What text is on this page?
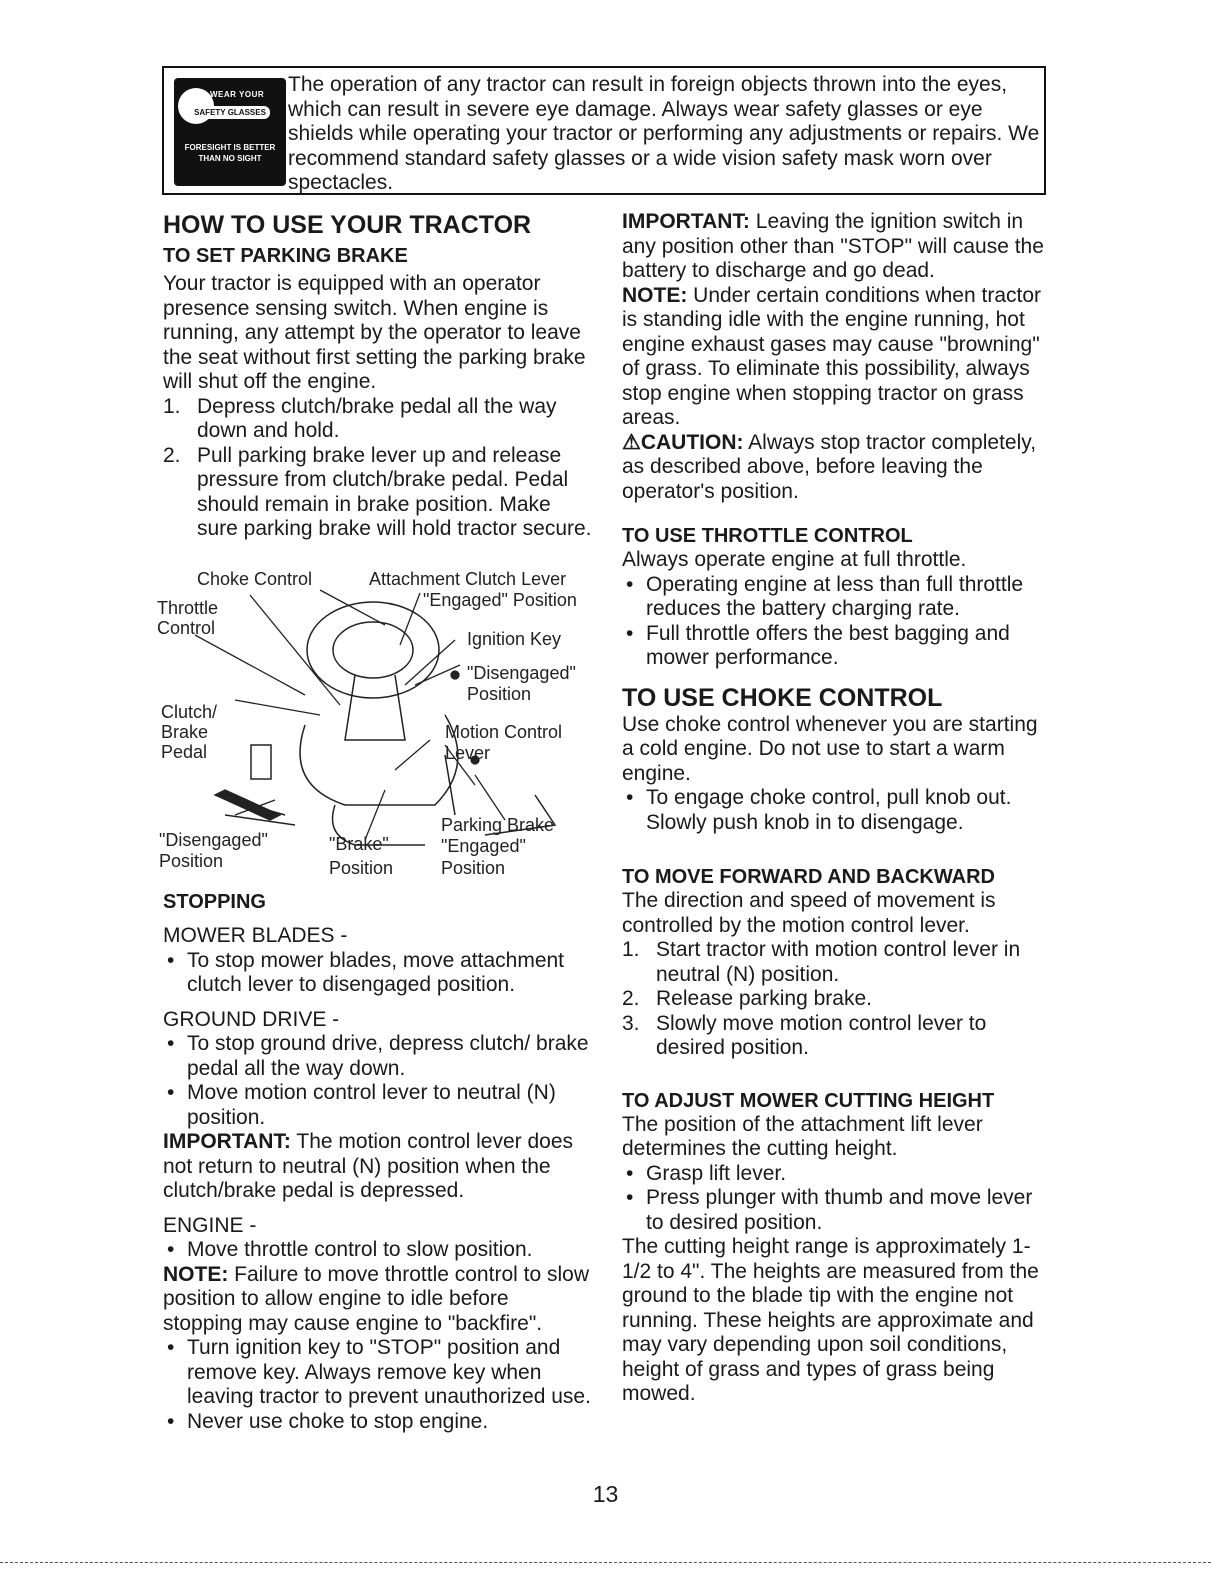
WEAR YOUR
SAFETY GLASSES
FORESIGHT IS BETTER
THAN NO SIGHT
The operation of any tractor can result in foreign objects thrown into the eyes, which can result in severe eye damage. Always wear safety glasses or eye shields while operating your tractor or performing any adjustments or repairs. We recommend standard safety glasses or a wide vision safety mask worn over spectacles.
HOW TO USE YOUR TRACTOR
TO SET PARKING BRAKE

Your tractor is equipped with an operator presence sensing switch. When engine is running, any attempt by the operator to leave the seat without first setting the parking brake will shut off the engine.

1. Depress clutch/brake pedal all the way down and hold.
2. Pull parking brake lever up and release pressure from clutch/brake pedal. Pedal should remain in brake position. Make sure parking brake will hold tractor secure.
Choke Control	Attachment Clutch Lever
"Engaged" Position
Throttle
Control
Ignition Key
"Disengaged"
Position
Clutch/
Brake
Pedal
Motion Control
Lever
Parking Brake
"Disengaged"
Position
"Brake"
Position
"Engaged"
Position
STOPPING

MOWER BLADES -

• To stop mower blades, move attachment clutch lever to disengaged position.

GROUND DRIVE -

• To stop ground drive, depress clutch/ brake pedal all the way down.
• Move motion control lever to neutral (N) position.

IMPORTANT: The motion control lever does not return to neutral (N) position when the clutch/brake pedal is depressed.

ENGINE -

• Move throttle control to slow position.

NOTE: Failure to move throttle control to slow position to allow engine to idle before stopping may cause engine to "backfire".

• Turn ignition key to "STOP" position and remove key. Always remove key when leaving tractor to prevent unauthorized use.
• Never use choke to stop engine.

IMPORTANT: Leaving the ignition switch in any position other than "STOP" will cause the battery to discharge and go dead.

NOTE: Under certain conditions when tractor is standing idle with the engine running, hot engine exhaust gases may cause "browning" of grass. To eliminate this possibility, always stop engine when stopping tractor on grass areas.

⚠CAUTION: Always stop tractor completely, as described above, before leaving the operator's position.

TO USE THROTTLE CONTROL

Always operate engine at full throttle.

• Operating engine at less than full throttle reduces the battery charging rate.
• Full throttle offers the best bagging and mower performance.
TO USE CHOKE CONTROL

Use choke control whenever you are starting a cold engine. Do not use to start a warm engine.

• To engage choke control, pull knob out. Slowly push knob in to disengage.
TO MOVE FORWARD AND BACKWARD

The direction and speed of movement is controlled by the motion control lever.

1. Start tractor with motion control lever in neutral (N) position.
2. Release parking brake.
3. Slowly move motion control lever to desired position.
TO ADJUST MOWER CUTTING HEIGHT

The position of the attachment lift lever determines the cutting height.

• Grasp lift lever.
• Press plunger with thumb and move lever to desired position.

The cutting height range is approximately 1-1/2 to 4". The heights are measured from the ground to the blade tip with the engine not running. These heights are approximate and may vary depending upon soil conditions, height of grass and types of grass being mowed.

13
